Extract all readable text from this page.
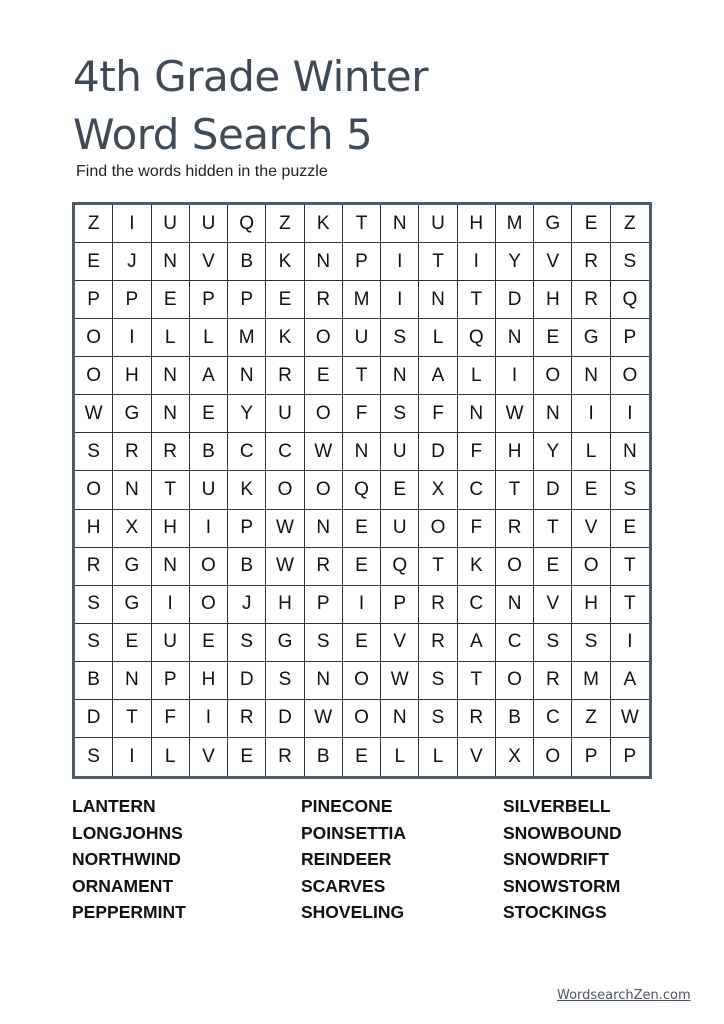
4th Grade Winter
Word Search 5
Find the words hidden in the puzzle
Z	I	U	U	Q	Z	K	T	N	U	H	M	G	E	Z
E	J	N	V	B	K	N	P	I	T	I	Y	V	R	S
P	P	E	P	P	E	R	M	I	N	T	D	H	R	Q
O	I	L	L	M	K	O	U	S	L	Q	N	E	G	P
O	H	N	A	N	R	E	T	N	A	L	I	O	N	O
W	G	N	E	Y	U	O	F	S	F	N	W	N	I	I
S	R	R	B	C	C	W	N	U	D	F	H	Y	L	N
O	N	T	U	K	O	O	Q	E	X	C	T	D	E	S
H	X	H	I	P	W	N	E	U	O	F	R	T	V	E
R	G	N	O	B	W	R	E	Q	T	K	O	E	O	T
S	G	I	O	J	H	P	I	P	R	C	N	V	H	T
S	E	U	E	S	G	S	E	V	R	A	C	S	S	I
B	N	P	H	D	S	N	O	W	S	T	O	R	M	A
D	T	F	I	R	D	W	O	N	S	R	B	C	Z	W
S	I	L	V	E	R	B	E	L	L	V	X	O	P	P
LANTERN
LONGJOHNS
NORTHWIND
ORNAMENT
PEPPERMINT
PINECONE
POINSETTIA
REINDEER
SCARVES
SHOVELING
SILVERBELL
SNOWBOUND
SNOWDRIFT
SNOWSTORM
STOCKINGS
WordsearchZen.com
